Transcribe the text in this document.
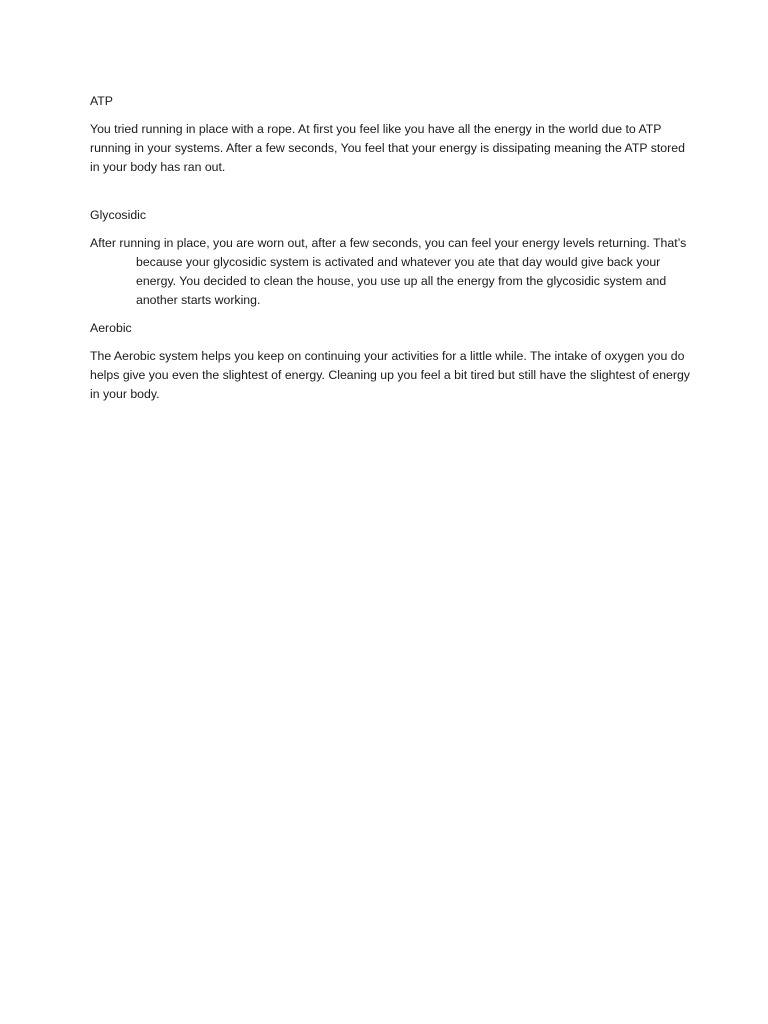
ATP

You tried running in place with a rope. At first you feel like you have all the energy in the world due to ATP running in your systems. After a few seconds, You feel that your energy is dissipating meaning the ATP stored in your body has ran out.

Glycosidic

After running in place, you are worn out, after a few seconds, you can feel your energy levels returning. That’s because your glycosidic system is activated and whatever you ate that day would give back your energy. You decided to clean the house, you use up all the energy from the glycosidic system and another starts working.

Aerobic

The Aerobic system helps you keep on continuing your activities for a little while. The intake of oxygen you do helps give you even the slightest of energy. Cleaning up you feel a bit tired but still have the slightest of energy in your body.
